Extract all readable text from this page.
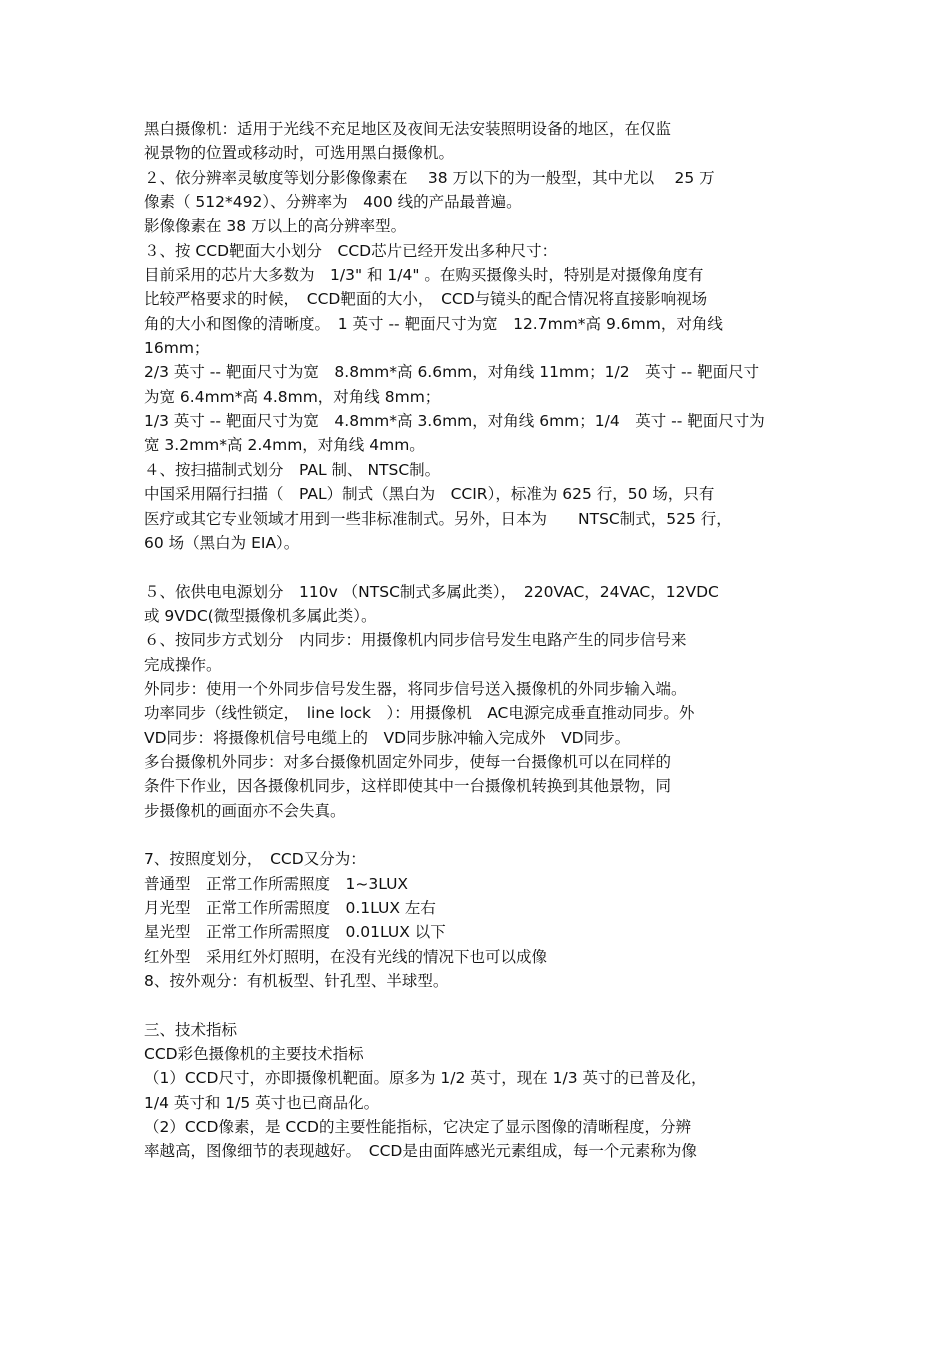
黑白摄像机：适用于光线不充足地区及夜间无法安装照明设备的地区，在仅监
视景物的位置或移动时，可选用黑白摄像机。
２、依分辨率灵敏度等划分影像像素在　 38 万以下的为一般型，其中尤以　 25 万
像素（ 512*492）、分辨率为　400 线的产品最普遍。
影像像素在 38 万以上的高分辨率型。
３、按 CCD靶面大小划分　CCD芯片已经开发出多种尺寸：
目前采用的芯片大多数为　1/3" 和 1/4" 。在购买摄像头时，特别是对摄像角度有
比较严格要求的时候，　CCD靶面的大小，　CCD与镜头的配合情况将直接影响视场
角的大小和图像的清晰度。　1 英寸 -- 靶面尺寸为宽　12.7mm*高 9.6mm，对角线
16mm；
2/3 英寸 -- 靶面尺寸为宽　8.8mm*高 6.6mm，对角线 11mm；1/2　英寸 -- 靶面尺寸
为宽 6.4mm*高 4.8mm，对角线 8mm；
1/3 英寸 -- 靶面尺寸为宽　4.8mm*高 3.6mm，对角线 6mm；1/4　英寸 -- 靶面尺寸为
宽 3.2mm*高 2.4mm，对角线 4mm。
４、按扫描制式划分　PAL 制、 NTSC制。
中国采用隔行扫描（　PAL）制式（黑白为　CCIR），标准为 625 行，50 场，只有
医疗或其它专业领域才用到一些非标准制式。另外，日本为　　NTSC制式，525 行，
60 场（黑白为 EIA）。
５、依供电电源划分　110v （NTSC制式多属此类），　220VAC，24VAC，12VDC
或 9VDC(微型摄像机多属此类）。
６、按同步方式划分　内同步：用摄像机内同步信号发生电路产生的同步信号来
完成操作。
外同步：使用一个外同步信号发生器，将同步信号送入摄像机的外同步输入端。
功率同步（线性锁定，　line lock　）：用摄像机　AC电源完成垂直推动同步。外
VD同步：将摄像机信号电缆上的　VD同步脉冲输入完成外　VD同步。
多台摄像机外同步：对多台摄像机固定外同步，使每一台摄像机可以在同样的
条件下作业，因各摄像机同步，这样即使其中一台摄像机转换到其他景物，同
步摄像机的画面亦不会失真。
7、按照度划分，　CCD又分为：
普通型　正常工作所需照度　1~3LUX
月光型　正常工作所需照度　0.1LUX 左右
星光型　正常工作所需照度　0.01LUX 以下
红外型　采用红外灯照明，在没有光线的情况下也可以成像
8、按外观分：有机板型、针孔型、半球型。
三、技术指标
CCD彩色摄像机的主要技术指标
（1）CCD尺寸，亦即摄像机靶面。原多为 1/2 英寸，现在 1/3 英寸的已普及化，
1/4 英寸和 1/5 英寸也已商品化。
（2）CCD像素，是 CCD的主要性能指标，它决定了显示图像的清晰程度，分辨
率越高，图像细节的表现越好。　CCD是由面阵感光元素组成，每一个元素称为像
